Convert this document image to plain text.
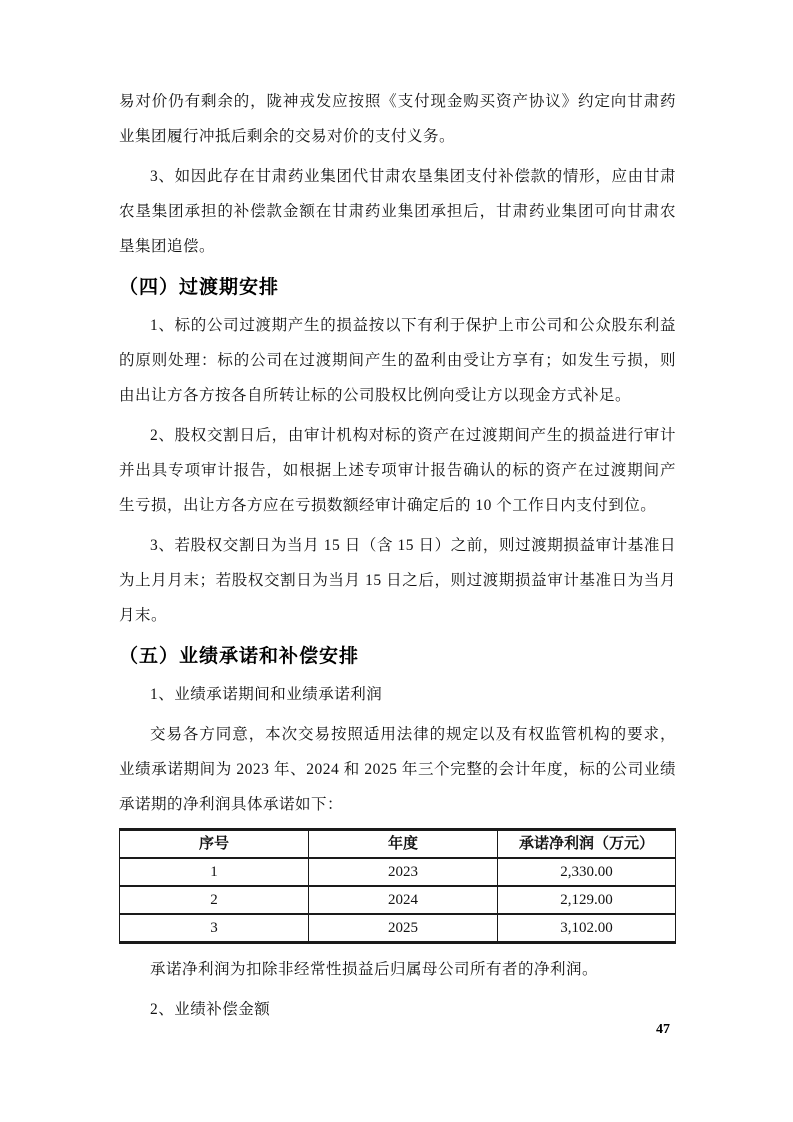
易对价仍有剩余的，陇神戎发应按照《支付现金购买资产协议》约定向甘肃药业集团履行冲抵后剩余的交易对价的支付义务。

3、如因此存在甘肃药业集团代甘肃农垦集团支付补偿款的情形，应由甘肃农垦集团承担的补偿款金额在甘肃药业集团承担后，甘肃药业集团可向甘肃农垦集团追偿。

（四）过渡期安排

1、标的公司过渡期产生的损益按以下有利于保护上市公司和公众股东利益的原则处理：标的公司在过渡期间产生的盈利由受让方享有；如发生亏损，则由出让方各方按各自所转让标的公司股权比例向受让方以现金方式补足。

2、股权交割日后，由审计机构对标的资产在过渡期间产生的损益进行审计并出具专项审计报告，如根据上述专项审计报告确认的标的资产在过渡期间产生亏损，出让方各方应在亏损数额经审计确定后的 10 个工作日内支付到位。

3、若股权交割日为当月 15 日（含 15 日）之前，则过渡期损益审计基准日为上月月末；若股权交割日为当月 15 日之后，则过渡期损益审计基准日为当月月末。

（五）业绩承诺和补偿安排

1、业绩承诺期间和业绩承诺利润

交易各方同意，本次交易按照适用法律的规定以及有权监管机构的要求，业绩承诺期间为 2023 年、2024 和 2025 年三个完整的会计年度，标的公司业绩承诺期的净利润具体承诺如下：

序号	年度	承诺净利润（万元）
1	2023	2,330.00
2	2024	2,129.00
3	2025	3,102.00

承诺净利润为扣除非经常性损益后归属母公司所有者的净利润。

2、业绩补偿金额

47
